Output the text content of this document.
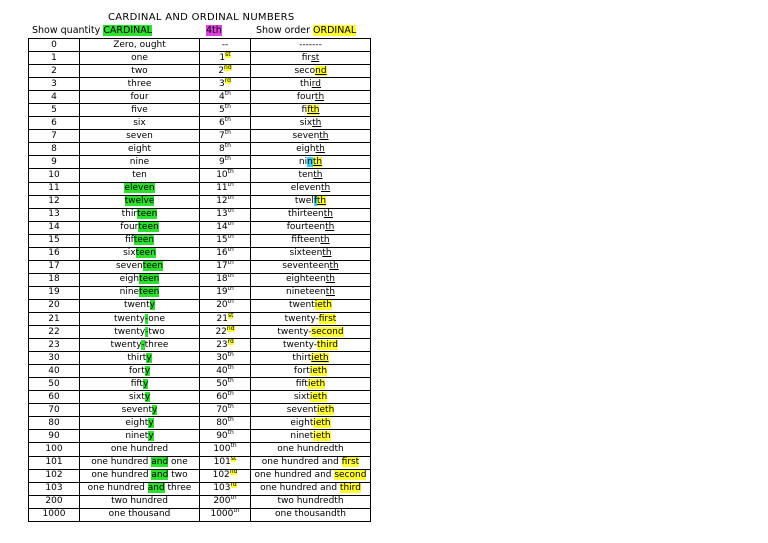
CARDINAL AND ORDINAL NUMBERS
Show quantity CARDINAL	4th	Show order ORDINAL
0	Zero, ought	--	-------
1	one	1st	first
2	two	2nd	second
3	three	3rd	third
4	four	4th	fourth
5	five	5th	fifth
6	six	6th	sixth
7	seven	7th	seventh
8	eight	8th	eighth
9	nine	9th	ninth
10	ten	10th	tenth
11	eleven	11th	eleventh
12	twelve	12th	twelfth
13	thirteen	13th	thirteenth
14	fourteen	14th	fourteenth
15	fifteen	15th	fifteenth
16	sixteen	16th	sixteenth
17	seventeen	17th	seventeenth
18	eighteen	18th	eighteenth
19	nineteen	19th	nineteenth
20	twenty	20th	twentieth
21	twenty-one	21st	twenty-first
22	twenty-two	22nd	twenty-second
23	twenty-three	23rd	twenty-third
30	thirty	30th	thirtieth
40	forty	40th	fortieth
50	fifty	50th	fiftieth
60	sixty	60th	sixtieth
70	seventy	70th	seventieth
80	eighty	80th	eightieth
90	ninety	90th	ninetieth
100	one hundred	100th	one hundredth
101	one hundred and one	101st	one hundred and first
102	one hundred and two	102nd	one hundred and second
103	one hundred and three	103rd	one hundred and third
200	two hundred	200th	two hundredth
1000	one thousand	1000th	one thousandth
